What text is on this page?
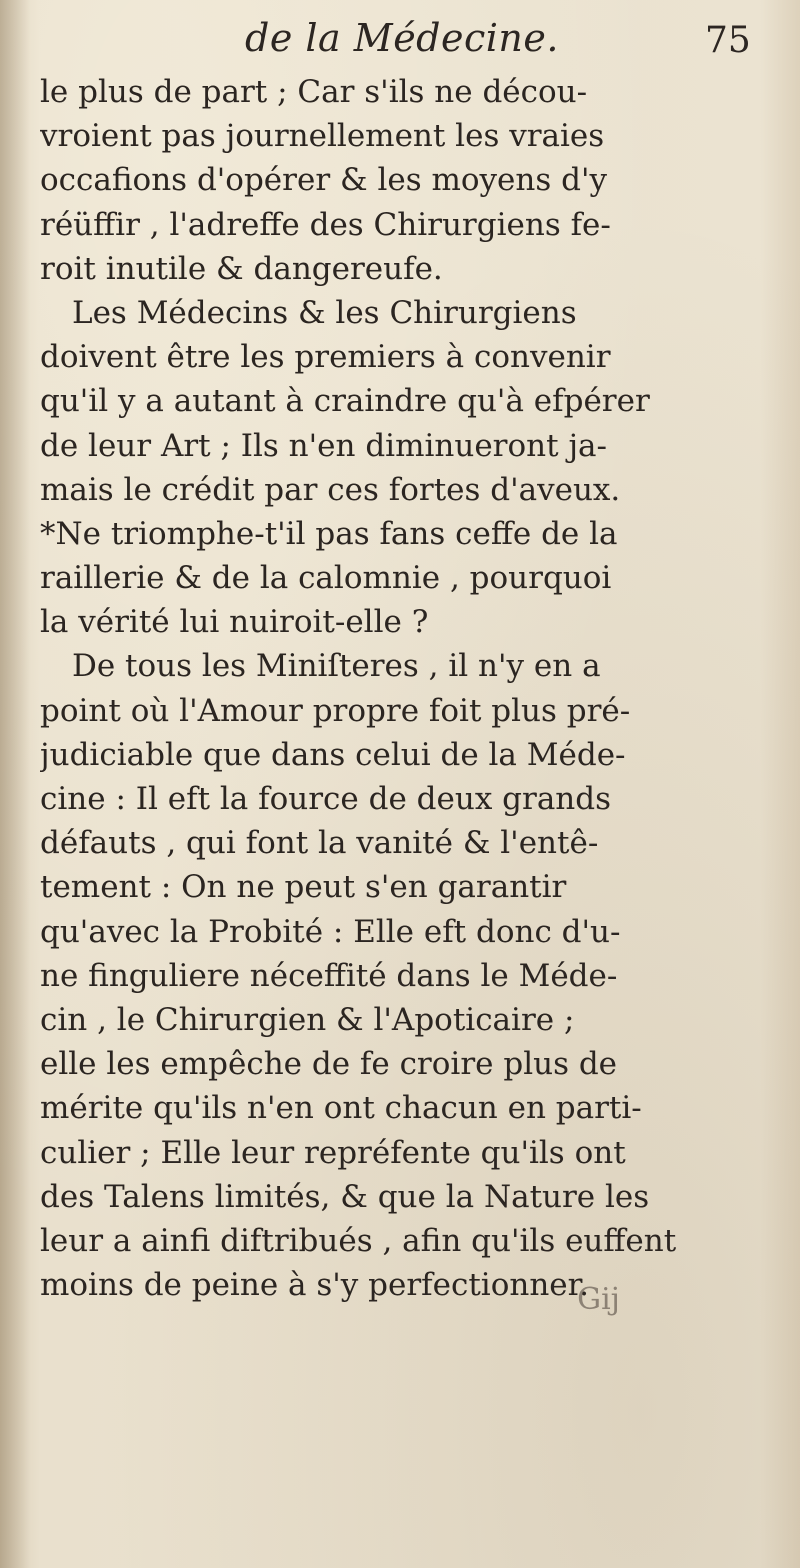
de la Médecine.	75
le plus de part ; Car s'ils ne décou-
vroient pas journellement les vraies
occafions d'opérer & les moyens d'y
réüffir , l'adreffe des Chirurgiens fe-
roit inutile & dangereufe.
Les Médecins & les Chirurgiens
doivent être les premiers à convenir
qu'il y a autant à craindre qu'à efpérer
de leur Art ; Ils n'en diminueront ja-
mais le crédit par ces fortes d'aveux.
*Ne triomphe-t'il pas fans ceffe de la
raillerie & de la calomnie , pourquoi
la vérité lui nuiroit-elle ?
De tous les Miniſteres , il n'y en a
point où l'Amour propre foit plus pré-
judiciable que dans celui de la Méde-
cine : Il eft la fource de deux grands
défauts , qui font la vanité & l'entê-
tement : On ne peut s'en garantir
qu'avec la Probité : Elle eft donc d'u-
ne finguliere néceffité dans le Méde-
cin , le Chirurgien & l'Apoticaire ;
elle les empêche de fe croire plus de
mérite qu'ils n'en ont chacun en parti-
culier ; Elle leur repréfente qu'ils ont
des Talens limités, & que la Nature les
leur a ainfi diftribués , afin qu'ils euffent
moins de peine à s'y perfectionner.
Gij
